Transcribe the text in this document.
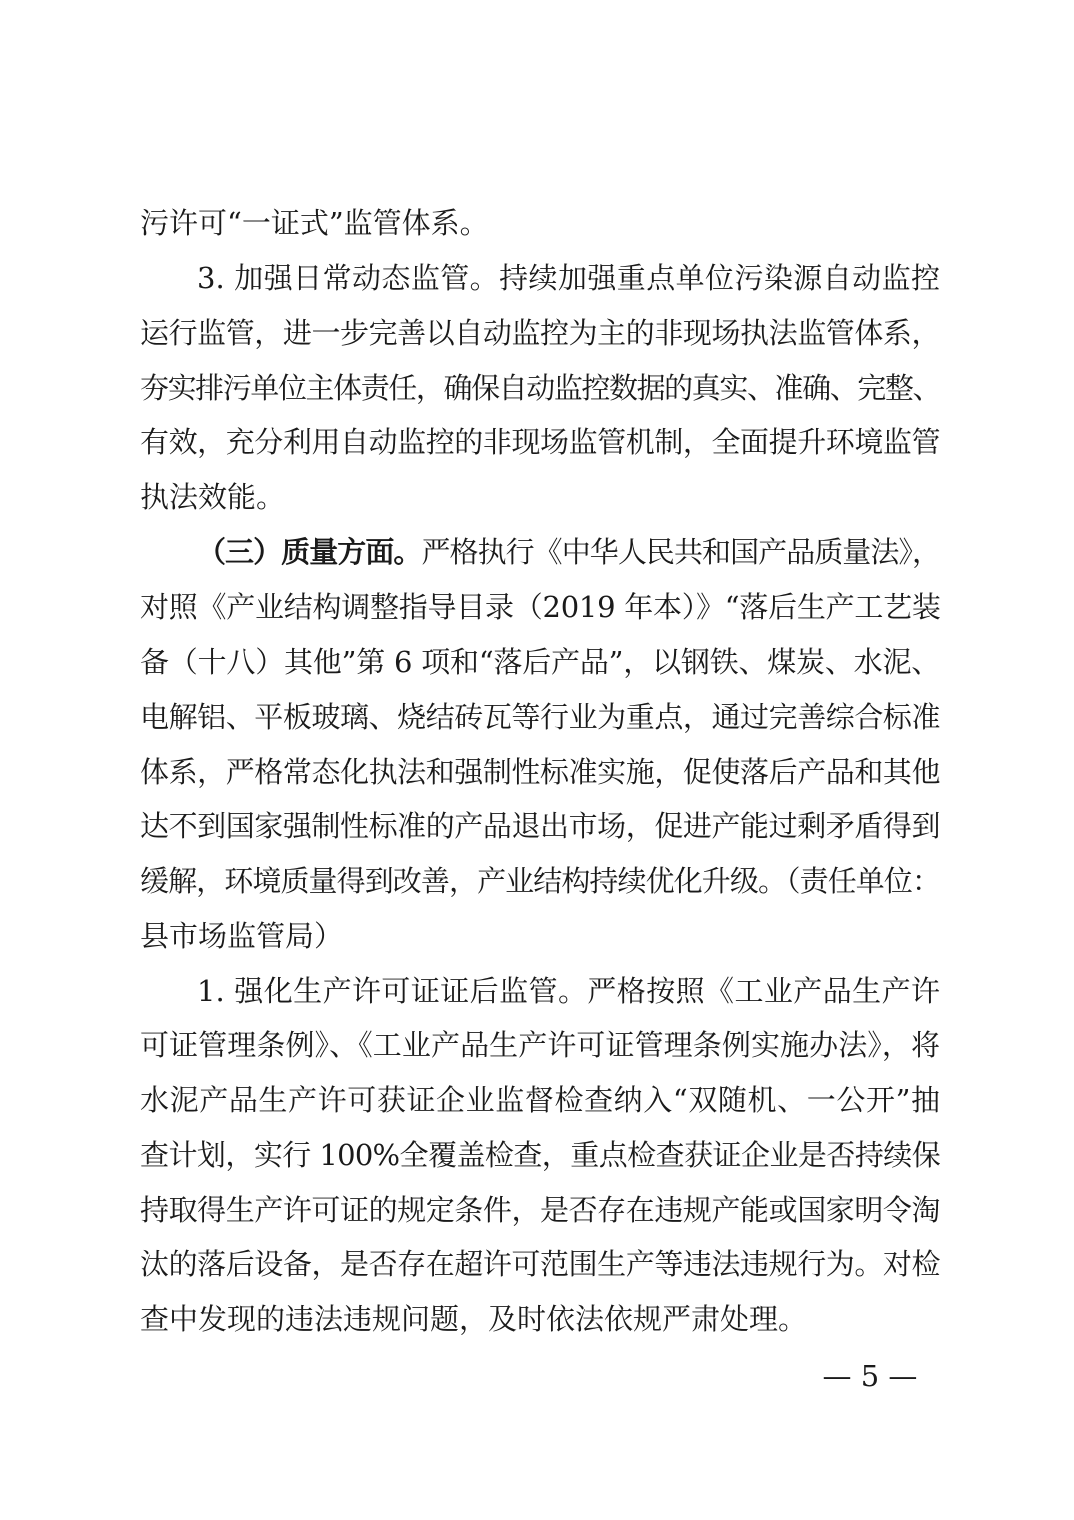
污许可“一证式”监管体系。
3. 加强日常动态监管。持续加强重点单位污染源自动监控
运行监管，进一步完善以自动监控为主的非现场执法监管体系，
夯实排污单位主体责任，确保自动监控数据的真实、准确、完整、
有效，充分利用自动监控的非现场监管机制，全面提升环境监管
执法效能。
（三）质量方面。严格执行《中华人民共和国产品质量法》，
对照《产业结构调整指导目录（2019 年本）》“落后生产工艺装
备（十八）其他”第 6 项和“落后产品”，以钢铁、煤炭、水泥、
电解铝、平板玻璃、烧结砖瓦等行业为重点，通过完善综合标准
体系，严格常态化执法和强制性标准实施，促使落后产品和其他
达不到国家强制性标准的产品退出市场，促进产能过剩矛盾得到
缓解，环境质量得到改善，产业结构持续优化升级。（责任单位：
县市场监管局）
1. 强化生产许可证证后监管。严格按照《工业产品生产许
可证管理条例》、《工业产品生产许可证管理条例实施办法》，将
水泥产品生产许可获证企业监督检查纳入“双随机、一公开”抽
查计划，实行 100%全覆盖检查，重点检查获证企业是否持续保
持取得生产许可证的规定条件，是否存在违规产能或国家明令淘
汰的落后设备，是否存在超许可范围生产等违法违规行为。对检
查中发现的违法违规问题，及时依法依规严肃处理。
— 5 —
